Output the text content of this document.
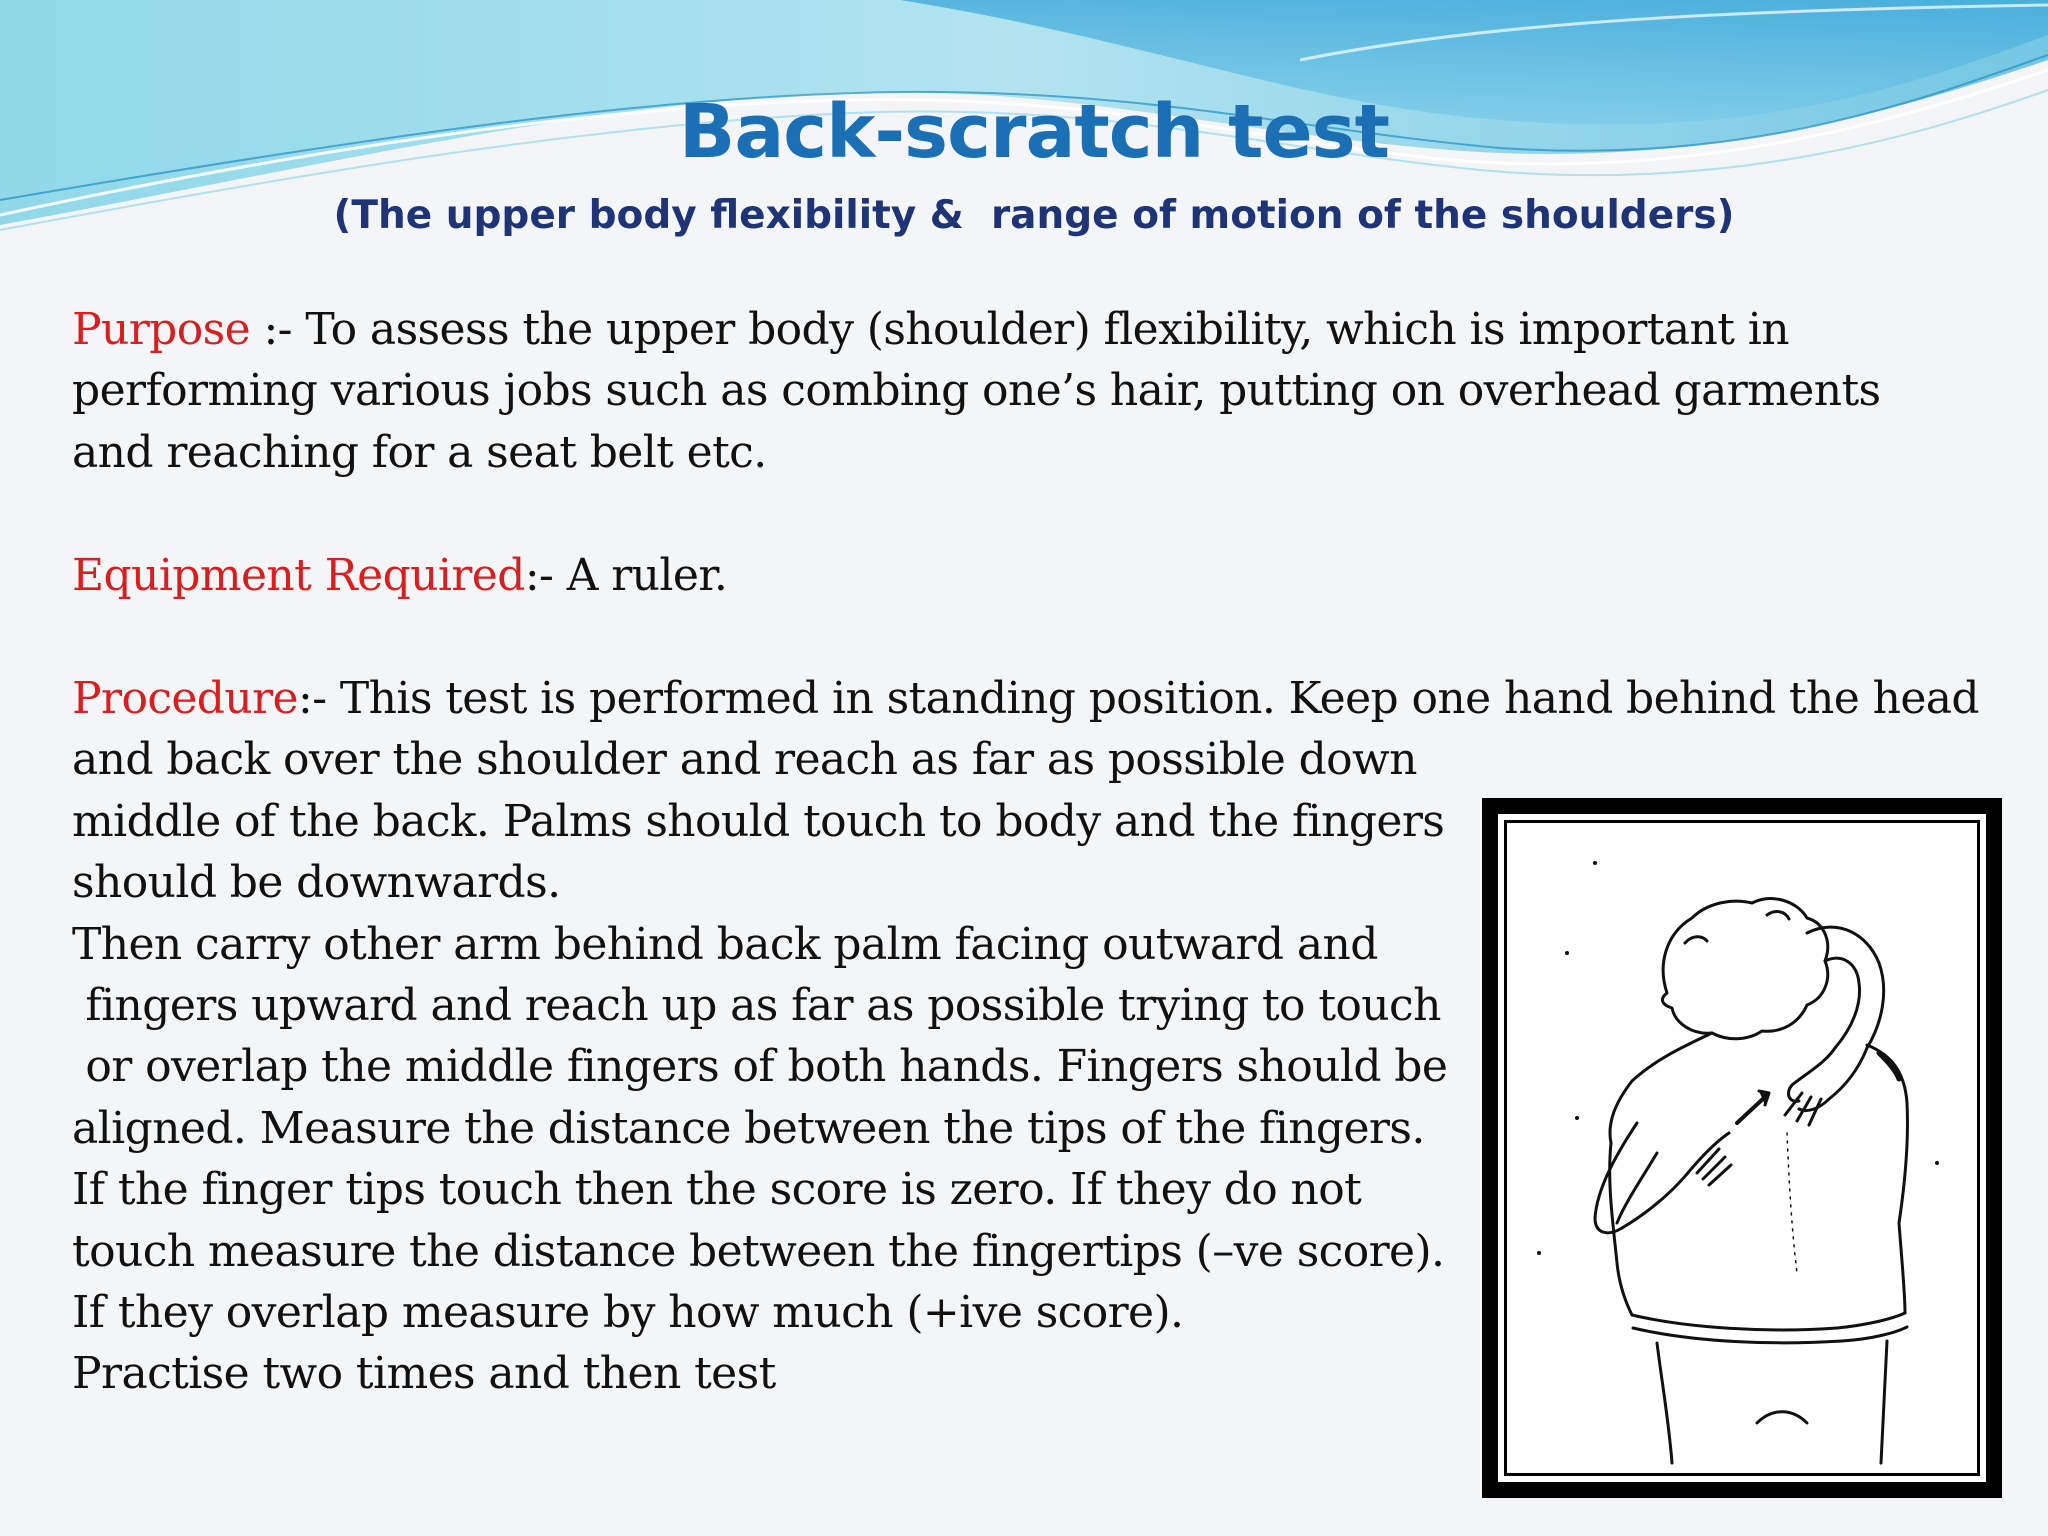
Back-scratch test
(The upper body flexibility &  range of motion of the shoulders)
Purpose :- To assess the upper body (shoulder) flexibility, which is important in
performing various jobs such as combing one’s hair, putting on overhead garments
and reaching for a seat belt etc.
Equipment Required:- A ruler.
Procedure:- This test is performed in standing position. Keep one hand behind the head
and back over the shoulder and reach as far as possible down
middle of the back. Palms should touch to body and the fingers
should be downwards.
Then carry other arm behind back palm facing outward and
fingers upward and reach up as far as possible trying to touch
or overlap the middle fingers of both hands. Fingers should be
aligned. Measure the distance between the tips of the fingers.
If the finger tips touch then the score is zero. If they do not
touch measure the distance between the fingertips (–ve score).
If they overlap measure by how much (+ive score).
Practise two times and then test
